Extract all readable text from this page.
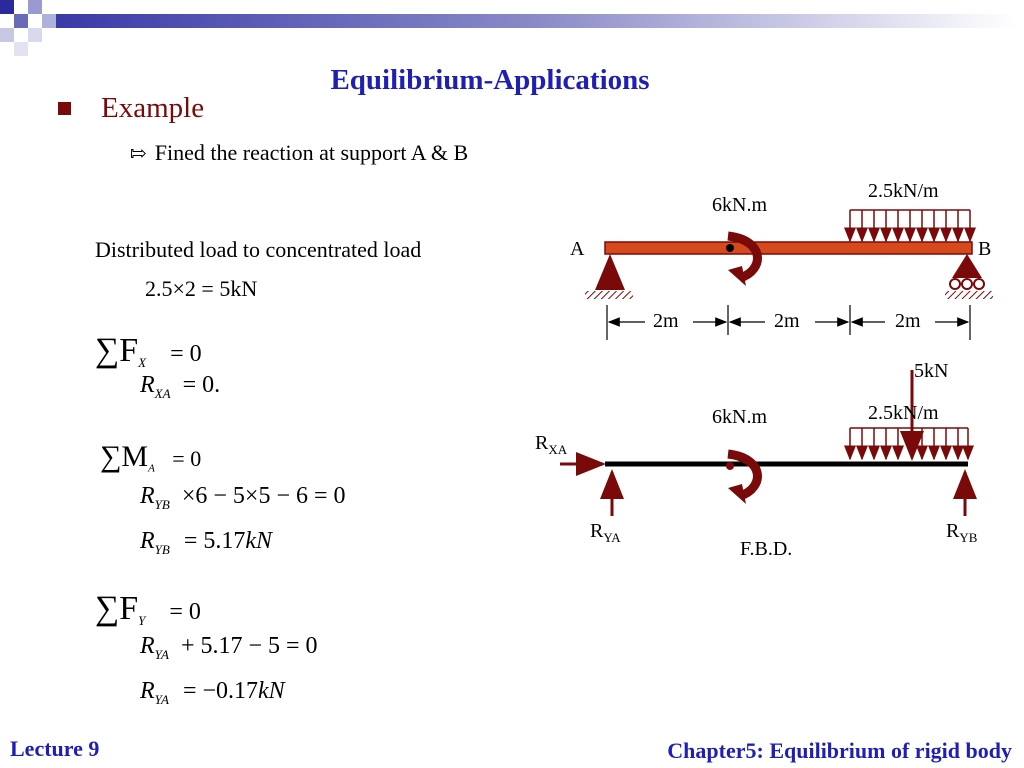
Equilibrium-Applications
Example
⇰ Fined the reaction at support A & B
Distributed load to concentrated load
2.5×2 = 5kN
$\sum F_X = 0$
$R_{XA} = 0$.
$\sum M_A = 0$
$R_{YB} \times 6 - 5\times 5 - 6 = 0$
$R_{YB} = 5.17kN$
$\sum F_Y = 0$
$R_{YA} + 5.17 - 5 = 0$
$R_{YA} = -0.17kN$
2.5kN/m
6kN.m
A	B
2m	2m	2m
5kN
2.5kN/m
6kN.m
$R_{XA}$
$R_{YA}$	$R_{YB}$
F.B.D.
Lecture 9	Chapter5: Equilibrium of rigid body
